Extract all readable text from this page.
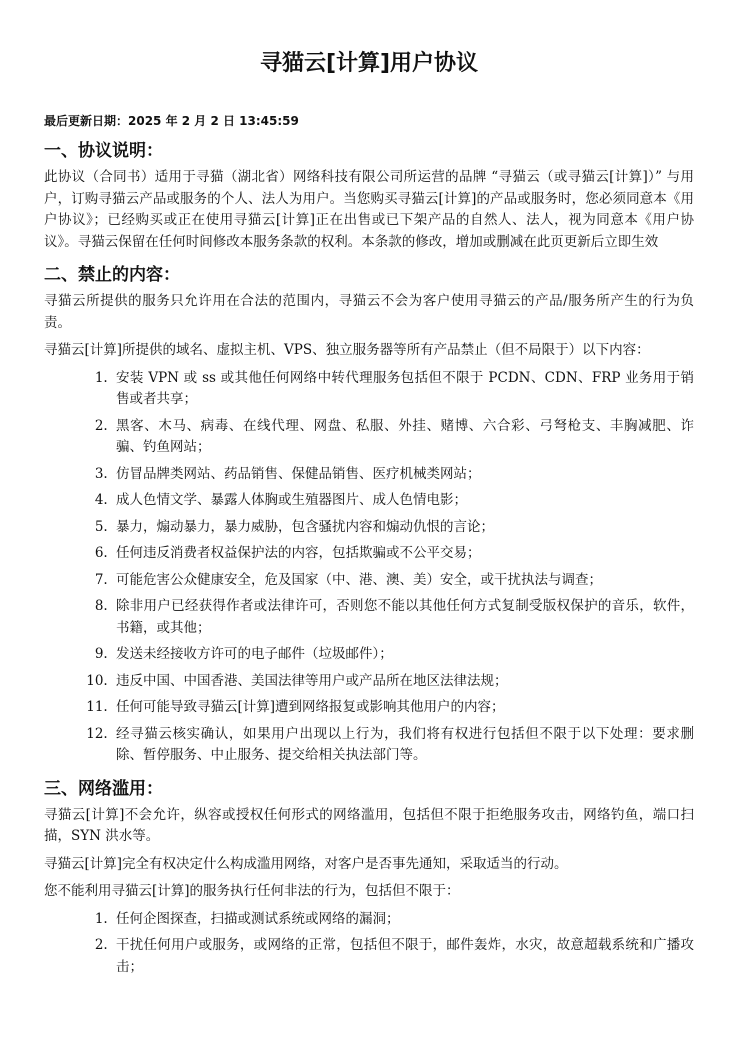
寻猫云[计算]用户协议
最后更新日期：2025 年 2 月 2 日 13:45:59
一、协议说明：

此协议（合同书）适用于寻猫（湖北省）网络科技有限公司所运营的品牌 “寻猫云（或寻猫云[计算]）” 与用户，订购寻猫云产品或服务的个人、法人为用户。当您购买寻猫云[计算]的产品或服务时，您必须同意本《用户协议》；已经购买或正在使用寻猫云[计算]正在出售或已下架产品的自然人、法人，视为同意本《用户协议》。寻猫云保留在任何时间修改本服务条款的权利。本条款的修改，增加或删减在此页更新后立即生效

二、禁止的内容：

寻猫云所提供的服务只允许用在合法的范围内，寻猫云不会为客户使用寻猫云的产品/服务所产生的行为负责。

寻猫云[计算]所提供的域名、虚拟主机、VPS、独立服务器等所有产品禁止（但不局限于）以下内容：

1. 安装 VPN 或 ss 或其他任何网络中转代理服务包括但不限于 PCDN、CDN、FRP 业务用于销售或者共享；
2. 黑客、木马、病毒、在线代理、网盘、私服、外挂、赌博、六合彩、弓弩枪支、丰胸减肥、诈骗、钓鱼网站；
3. 仿冒品牌类网站、药品销售、保健品销售、医疗机械类网站；
4. 成人色情文学、暴露人体胸或生殖器图片、成人色情电影；
5. 暴力，煽动暴力，暴力威胁，包含骚扰内容和煽动仇恨的言论；
6. 任何违反消费者权益保护法的内容，包括欺骗或不公平交易；
7. 可能危害公众健康安全，危及国家（中、港、澳、美）安全，或干扰执法与调查；
8. 除非用户已经获得作者或法律许可，否则您不能以其他任何方式复制受版权保护的音乐，软件，书籍，或其他；
9. 发送未经接收方许可的电子邮件（垃圾邮件）；
10. 违反中国、中国香港、美国法律等用户或产品所在地区法律法规；
11. 任何可能导致寻猫云[计算]遭到网络报复或影响其他用户的内容；
12. 经寻猫云核实确认，如果用户出现以上行为，我们将有权进行包括但不限于以下处理：要求删除、暂停服务、中止服务、提交给相关执法部门等。
三、网络滥用：

寻猫云[计算]不会允许，纵容或授权任何形式的网络滥用，包括但不限于拒绝服务攻击，网络钓鱼，端口扫描，SYN 洪水等。

寻猫云[计算]完全有权决定什么构成滥用网络，对客户是否事先通知，采取适当的行动。

您不能利用寻猫云[计算]的服务执行任何非法的行为，包括但不限于：

1. 任何企图探查，扫描或测试系统或网络的漏洞；
2. 干扰任何用户或服务，或网络的正常，包括但不限于，邮件轰炸，水灾，故意超载系统和广播攻击；
